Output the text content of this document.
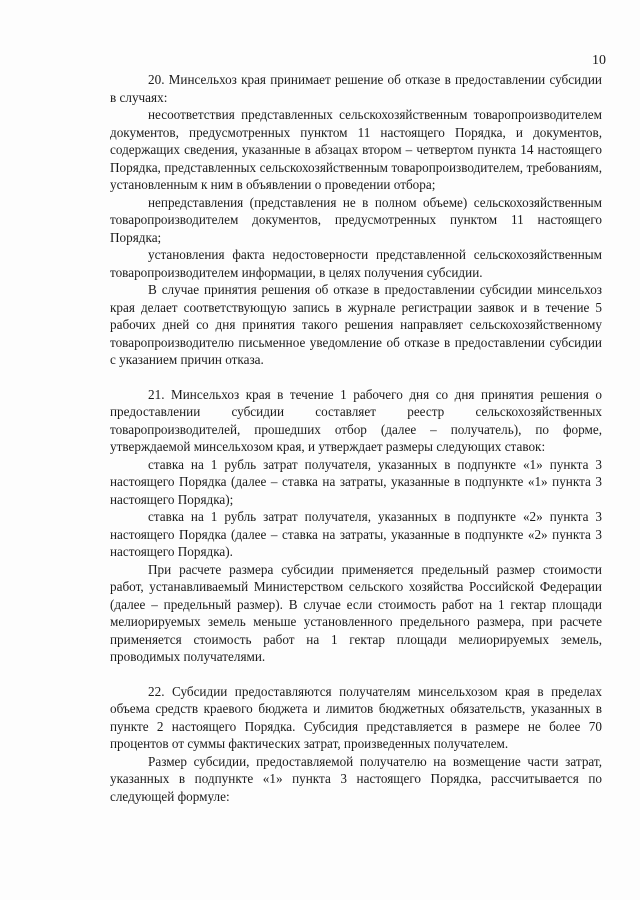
10

20. Минсельхоз края принимает решение об отказе в предоставлении субсидии в случаях:

несоответствия представленных сельскохозяйственным товаропроизводителем документов, предусмотренных пунктом 11 настоящего Порядка, и документов, содержащих сведения, указанные в абзацах втором – четвертом пункта 14 настоящего Порядка, представленных сельскохозяйственным товаропроизводителем, требованиям, установленным к ним в объявлении о проведении отбора;

непредставления (представления не в полном объеме) сельскохозяйственным товаропроизводителем документов, предусмотренных пунктом 11 настоящего Порядка;

установления факта недостоверности представленной сельскохозяйственным товаропроизводителем информации, в целях получения субсидии.

В случае принятия решения об отказе в предоставлении субсидии минсельхоз края делает соответствующую запись в журнале регистрации заявок и в течение 5 рабочих дней со дня принятия такого решения направляет сельскохозяйственному товаропроизводителю письменное уведомление об отказе в предоставлении субсидии с указанием причин отказа.

21. Минсельхоз края в течение 1 рабочего дня со дня принятия решения о предоставлении субсидии составляет реестр сельскохозяйственных товаропроизводителей, прошедших отбор (далее – получатель), по форме, утверждаемой минсельхозом края, и утверждает размеры следующих ставок:

ставка на 1 рубль затрат получателя, указанных в подпункте «1» пункта 3 настоящего Порядка (далее – ставка на затраты, указанные в подпункте «1» пункта 3 настоящего Порядка);

ставка на 1 рубль затрат получателя, указанных в подпункте «2» пункта 3 настоящего Порядка (далее – ставка на затраты, указанные в подпункте «2» пункта 3 настоящего Порядка).

При расчете размера субсидии применяется предельный размер стоимости работ, устанавливаемый Министерством сельского хозяйства Российской Федерации (далее – предельный размер). В случае если стоимость работ на 1 гектар площади мелиорируемых земель меньше установленного предельного размера, при расчете применяется стоимость работ на 1 гектар площади мелиорируемых земель, проводимых получателями.

22. Субсидии предоставляются получателям минсельхозом края в пределах объема средств краевого бюджета и лимитов бюджетных обязательств, указанных в пункте 2 настоящего Порядка. Субсидия представляется в размере не более 70 процентов от суммы фактических затрат, произведенных получателем.

Размер субсидии, предоставляемой получателю на возмещение части затрат, указанных в подпункте «1» пункта 3 настоящего Порядка, рассчитывается по следующей формуле:
